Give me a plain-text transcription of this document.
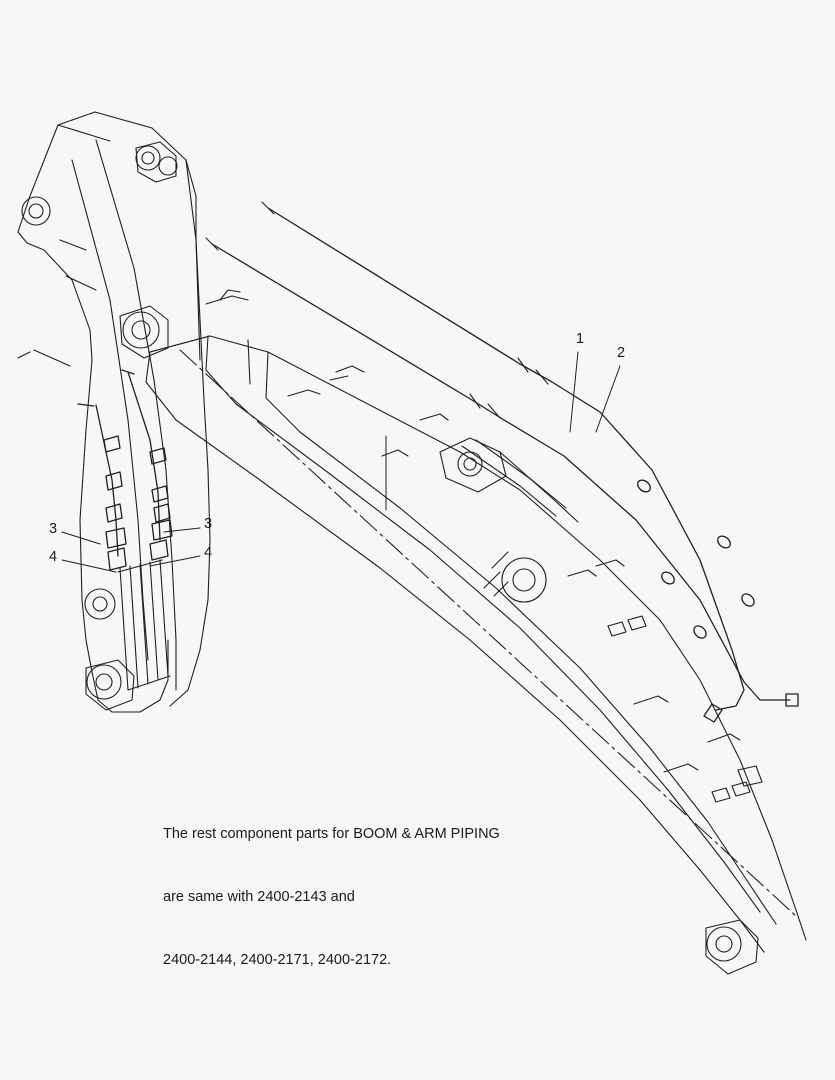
1
2
3	3
4	4

The rest component parts for BOOM & ARM PIPING

are same with 2400-2143 and

2400-2144, 2400-2171, 2400-2172.
